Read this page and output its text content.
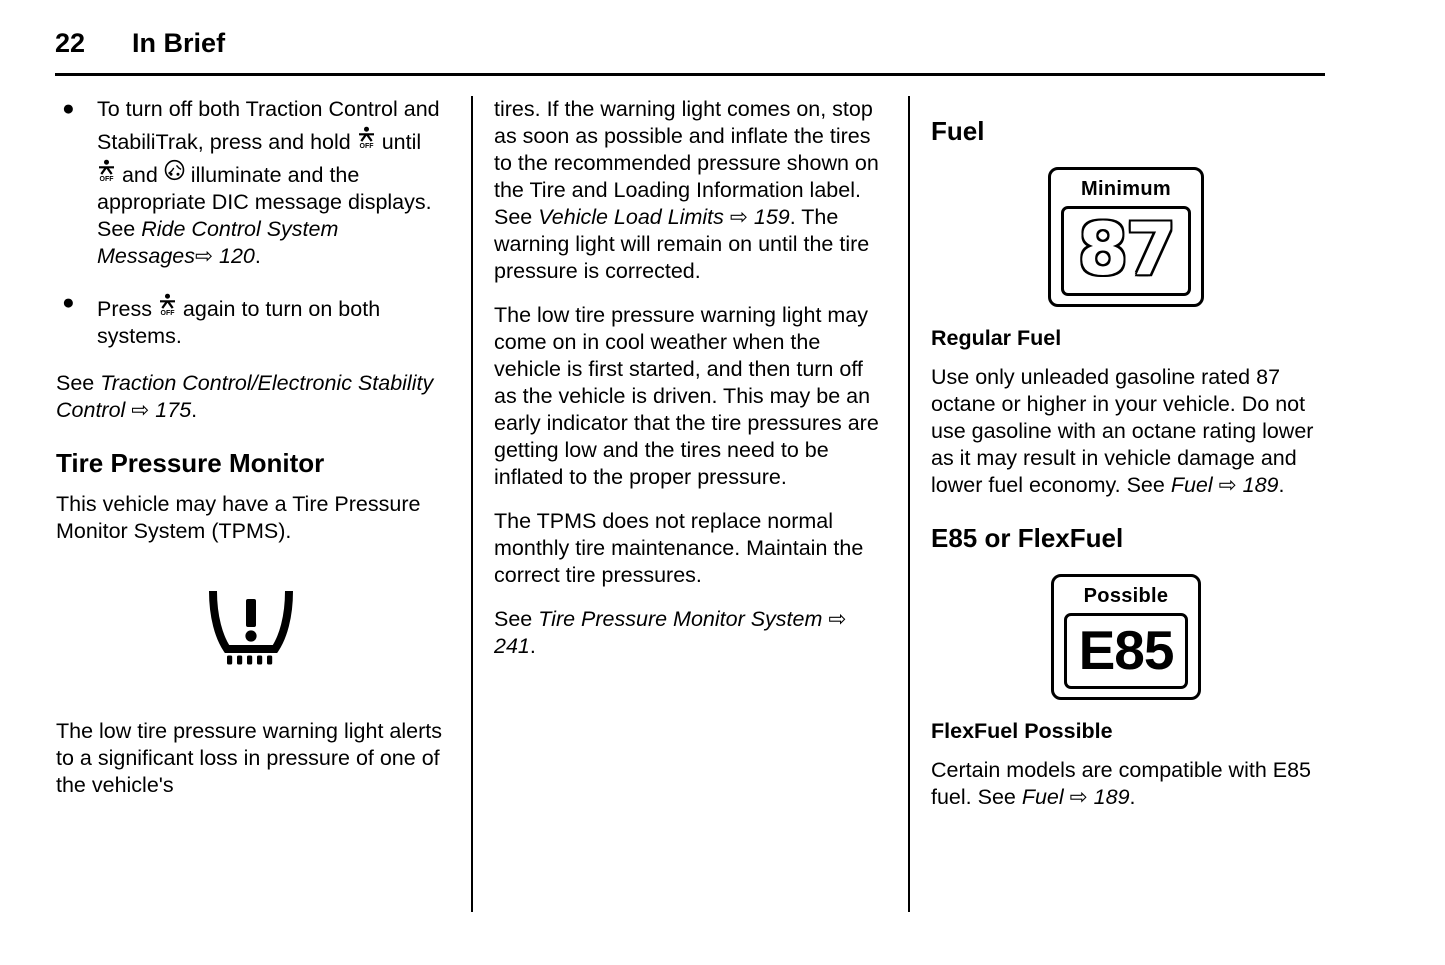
22 In Brief
● To turn off both Traction Control and StabiliTrak, press and hold OFF until
OFF and
illuminate and the appropriate DIC message displays. See Ride Control System Messages⇨ 120.
● Press OFF again to turn on both systems.

See Traction Control/Electronic Stability Control ⇨ 175.

Tire Pressure Monitor

This vehicle may have a Tire Pressure Monitor System (TPMS).

The low tire pressure warning light alerts to a significant loss in pressure of one of the vehicle's

tires. If the warning light comes on, stop as soon as possible and inflate the tires to the recommended pressure shown on the Tire and Loading Information label. See Vehicle Load Limits ⇨ 159. The warning light will remain on until the tire pressure is corrected.

The low tire pressure warning light may come on in cool weather when the vehicle is first started, and then turn off as the vehicle is driven. This may be an early indicator that the tire pressures are getting low and the tires need to be inflated to the proper pressure.

The TPMS does not replace normal monthly tire maintenance. Maintain the correct tire pressures.

See Tire Pressure Monitor System ⇨ 241.

Fuel
Minimum
87
Regular Fuel

Use only unleaded gasoline rated 87 octane or higher in your vehicle. Do not use gasoline with an octane rating lower as it may result in vehicle damage and lower fuel economy. See Fuel ⇨ 189.

E85 or FlexFuel
Possible
E85
FlexFuel Possible

Certain models are compatible with E85 fuel. See Fuel ⇨ 189.
